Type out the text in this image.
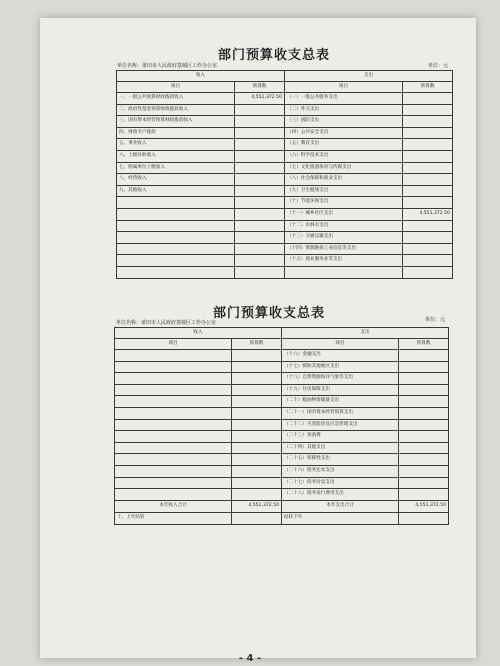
部门预算收支总表
单位名称：莆田市人民政府荔城区工作办公室	单位：元
收入		支出	
项目	预算数	项目	预算数
一、一般公共预算财政拨款收入	4,551,372.50	（一）一般公共服务支出	
二、政府性基金预算财政拨款收入		（二）外交支出	
三、国有资本经营预算财政拨款收入		（三）国防支出	
四、财政专户拨款		（四）公共安全支出	
五、事业收入		（五）教育支出	
六、上级补助收入		（六）科学技术支出	
七、附属单位上缴收入		（七）文化旅游体育与传媒支出	
八、经营收入		（八）社会保障和就业支出	
九、其他收入		（九）卫生健康支出	
		（十）节能环保支出	
		（十一）城乡社区支出	4,551,372.50
		（十二）农林水支出	
		（十三）交通运输支出	
		（十四）资源勘探工业信息等支出	
		（十五）商业服务业等支出	

部门预算收支总表
单位名称：莆田市人民政府荔城区工作办公室	单位：元
收入		支出	
项目	预算数	项目	预算数
		（十六）金融支出	
		（十七）援助其他地区支出	
		（十八）自然资源海洋气象等支出	
		（十九）住房保障支出	
		（二十）粮油物资储备支出	
		（二十一）国有资本经营预算支出	
		（二十二）灾害防治及应急管理支出	
		（二十三）预备费	
		（二十四）其他支出	
		（二十五）转移性支出	
		（二十六）债务还本支出	
		（二十七）债务付息支出	
		（二十八）债务发行费用支出	
本年收入合计	4,551,372.50	本年支出合计	4,551,372.50
十、上年结转		结转下年	
- 4 -
